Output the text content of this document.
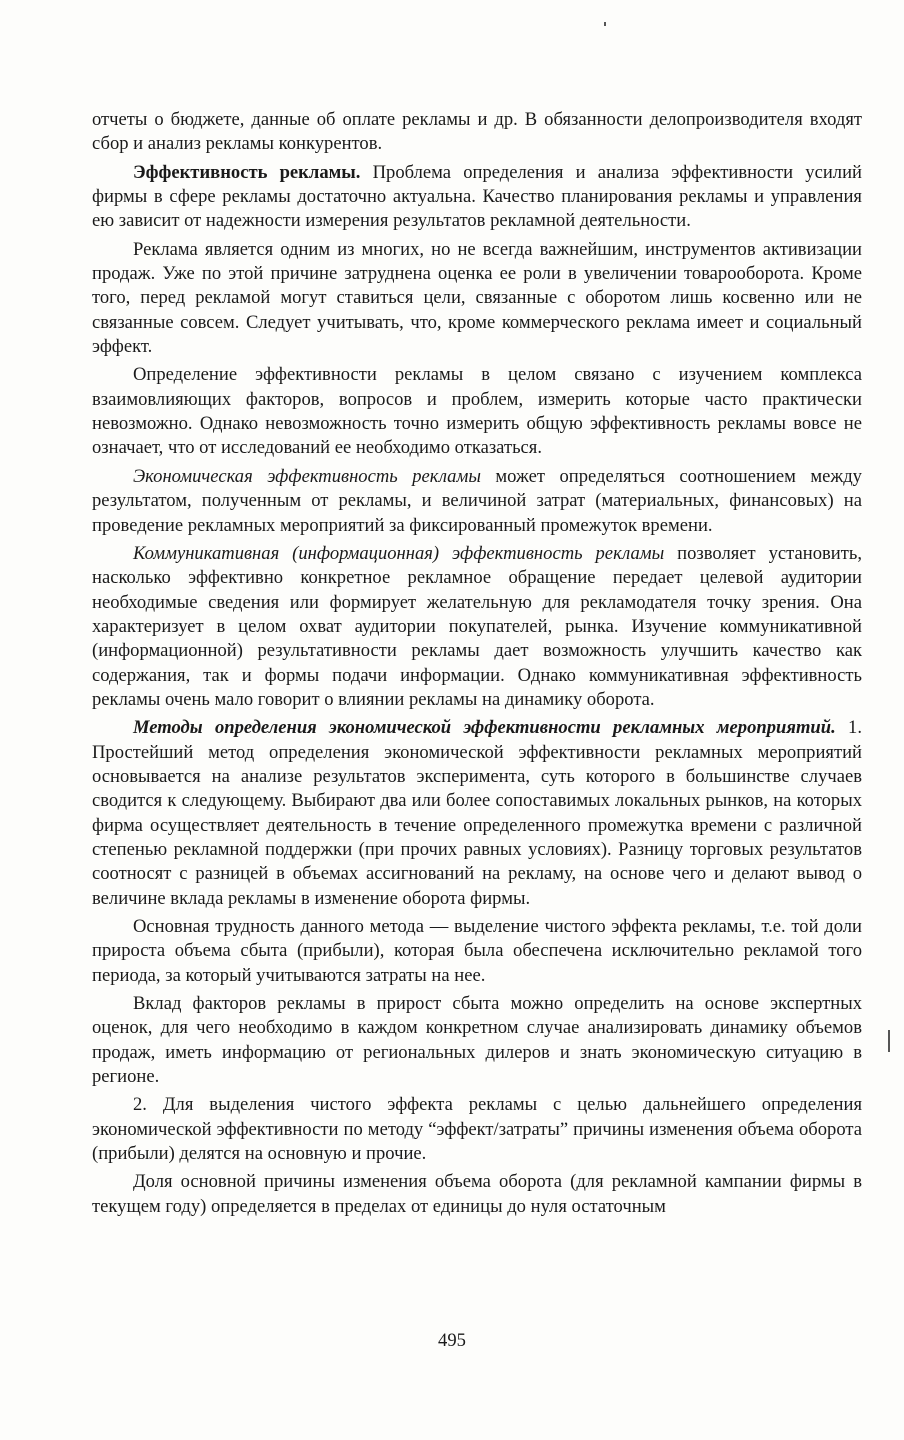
отчеты о бюджете, данные об оплате рекламы и др. В обязанности делопроизводителя входят сбор и анализ рекламы конкурентов.

Эффективность рекламы. Проблема определения и анализа эффективности усилий фирмы в сфере рекламы достаточно актуальна. Качество планирования рекламы и управления ею зависит от надежности измерения результатов рекламной деятельности.

Реклама является одним из многих, но не всегда важнейшим, инструментов активизации продаж. Уже по этой причине затруднена оценка ее роли в увеличении товарооборота. Кроме того, перед рекламой могут ставиться цели, связанные с оборотом лишь косвенно или не связанные совсем. Следует учитывать, что, кроме коммерческого реклама имеет и социальный эффект.

Определение эффективности рекламы в целом связано с изучением комплекса взаимовлияющих факторов, вопросов и проблем, измерить которые часто практически невозможно. Однако невозможность точно измерить общую эффективность рекламы вовсе не означает, что от исследований ее необходимо отказаться.

Экономическая эффективность рекламы может определяться соотношением между результатом, полученным от рекламы, и величиной затрат (материальных, финансовых) на проведение рекламных мероприятий за фиксированный промежуток времени.

Коммуникативная (информационная) эффективность рекламы позволяет установить, насколько эффективно конкретное рекламное обращение передает целевой аудитории необходимые сведения или формирует желательную для рекламодателя точку зрения. Она характеризует в целом охват аудитории покупателей, рынка. Изучение коммуникативной (информационной) результативности рекламы дает возможность улучшить качество как содержания, так и формы подачи информации. Однако коммуникативная эффективность рекламы очень мало говорит о влиянии рекламы на динамику оборота.

Методы определения экономической эффективности рекламных мероприятий. 1. Простейший метод определения экономической эффективности рекламных мероприятий основывается на анализе результатов эксперимента, суть которого в большинстве случаев сводится к следующему. Выбирают два или более сопоставимых локальных рынков, на которых фирма осуществляет деятельность в течение определенного промежутка времени с различной степенью рекламной поддержки (при прочих равных условиях). Разницу торговых результатов соотносят с разницей в объемах ассигнований на рекламу, на основе чего и делают вывод о величине вклада рекламы в изменение оборота фирмы.

Основная трудность данного метода — выделение чистого эффекта рекламы, т.е. той доли прироста объема сбыта (прибыли), которая была обеспечена исключительно рекламой того периода, за который учитываются затраты на нее.

Вклад факторов рекламы в прирост сбыта можно определить на основе экспертных оценок, для чего необходимо в каждом конкретном случае анализировать динамику объемов продаж, иметь информацию от региональных дилеров и знать экономическую ситуацию в регионе.

2. Для выделения чистого эффекта рекламы с целью дальнейшего определения экономической эффективности по методу “эффект/затраты” причины изменения объема оборота (прибыли) делятся на основную и прочие.

Доля основной причины изменения объема оборота (для рекламной кампании фирмы в текущем году) определяется в пределах от единицы до нуля остаточным

495
